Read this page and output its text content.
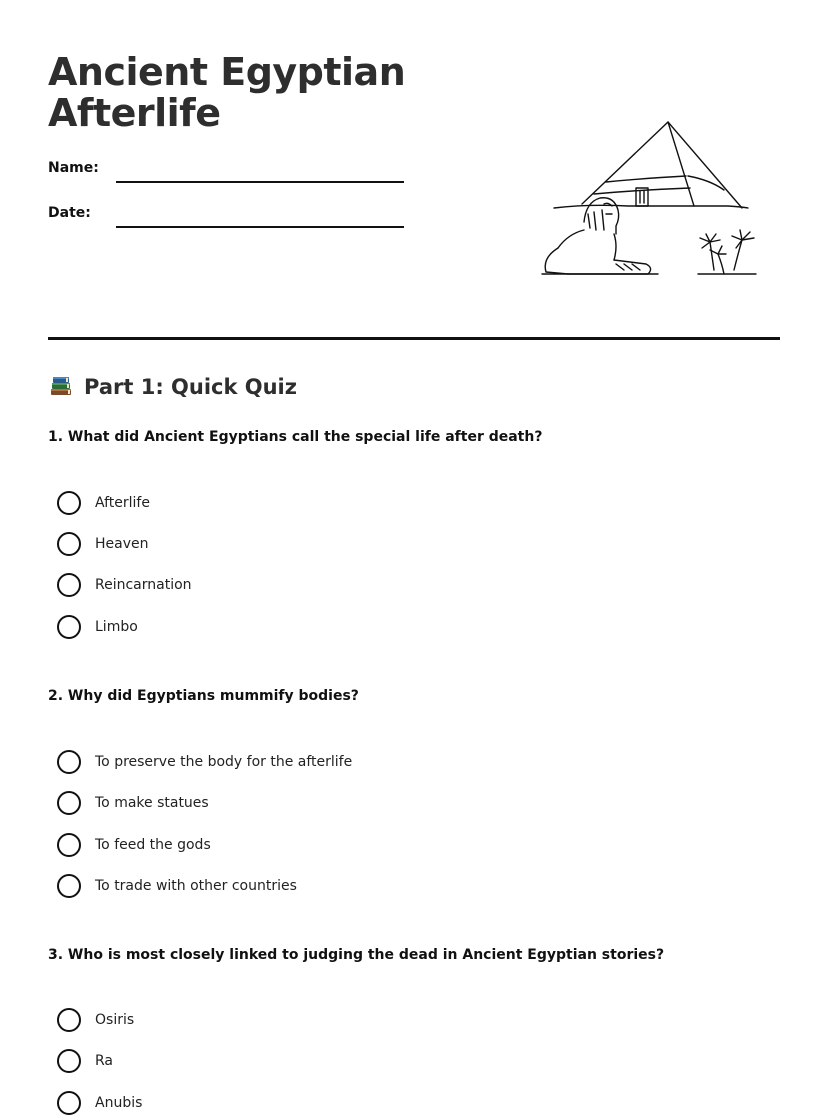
Ancient Egyptian Afterlife
Name:
Date:
Part 1: Quick Quiz
1. What did Ancient Egyptians call the special life after death?
Afterlife
Heaven
Reincarnation
Limbo
2. Why did Egyptians mummify bodies?
To preserve the body for the afterlife
To make statues
To feed the gods
To trade with other countries
3. Who is most closely linked to judging the dead in Ancient Egyptian stories?
Osiris
Ra
Anubis
